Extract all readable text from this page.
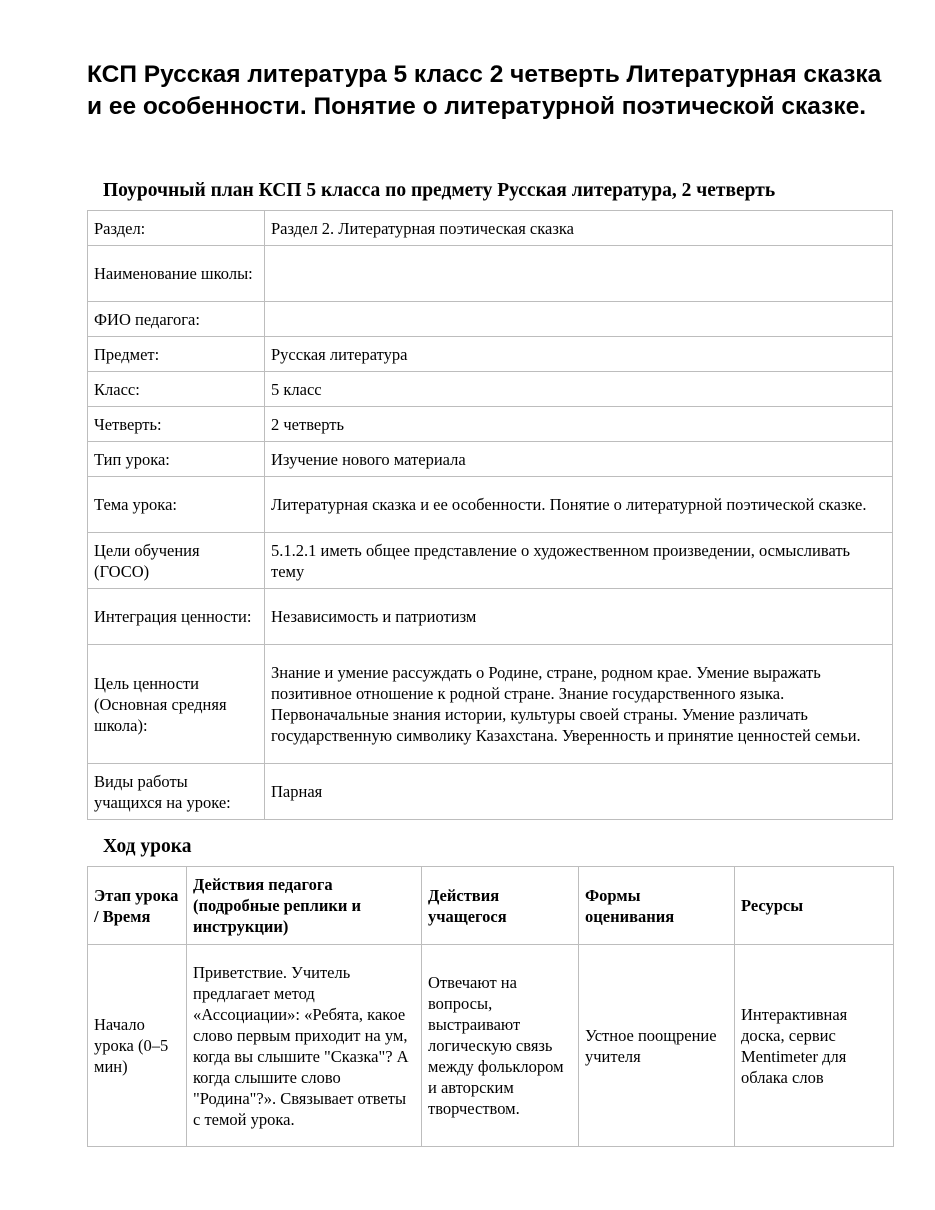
КСП Русская литература 5 класс 2 четверть Литературная сказка и ее особенности. Понятие о литературной поэтической сказке.
Поурочный план КСП 5 класса по предмету Русская литература, 2 четверть
Раздел:	Раздел 2. Литературная поэтическая сказка
Наименование школы:	
ФИО педагога:	
Предмет:	Русская литература
Класс:	5 класс
Четверть:	2 четверть
Тип урока:	Изучение нового материала
Тема урока:	Литературная сказка и ее особенности. Понятие о литературной поэтической сказке.
Цели обучения (ГОСО)	5.1.2.1 иметь общее представление о художественном произведении, осмысливать тему
Интеграция ценности:	Независимость и патриотизм
Цель ценности (Основная средняя школа):	Знание и умение рассуждать о Родине, стране, родном крае. Умение выражать позитивное отношение к родной стране. Знание государственного языка. Первоначальные знания истории, культуры своей страны. Умение различать государственную символику Казахстана. Уверенность и принятие ценностей семьи.
Виды работы учащихся на уроке:	Парная
Ход урока
Этап урока / Время	Действия педагога (подробные реплики и инструкции)	Действия учащегося	Формы оценивания	Ресурсы
Начало урока (0–5 мин)	Приветствие. Учитель предлагает метод «Ассоциации»: «Ребята, какое слово первым приходит на ум, когда вы слышите "Сказка"? А когда слышите слово "Родина"?». Связывает ответы с темой урока.	Отвечают на вопросы, выстраивают логическую связь между фольклором и авторским творчеством.	Устное поощрение учителя	Интерактивная доска, сервис Mentimeter для облака слов
